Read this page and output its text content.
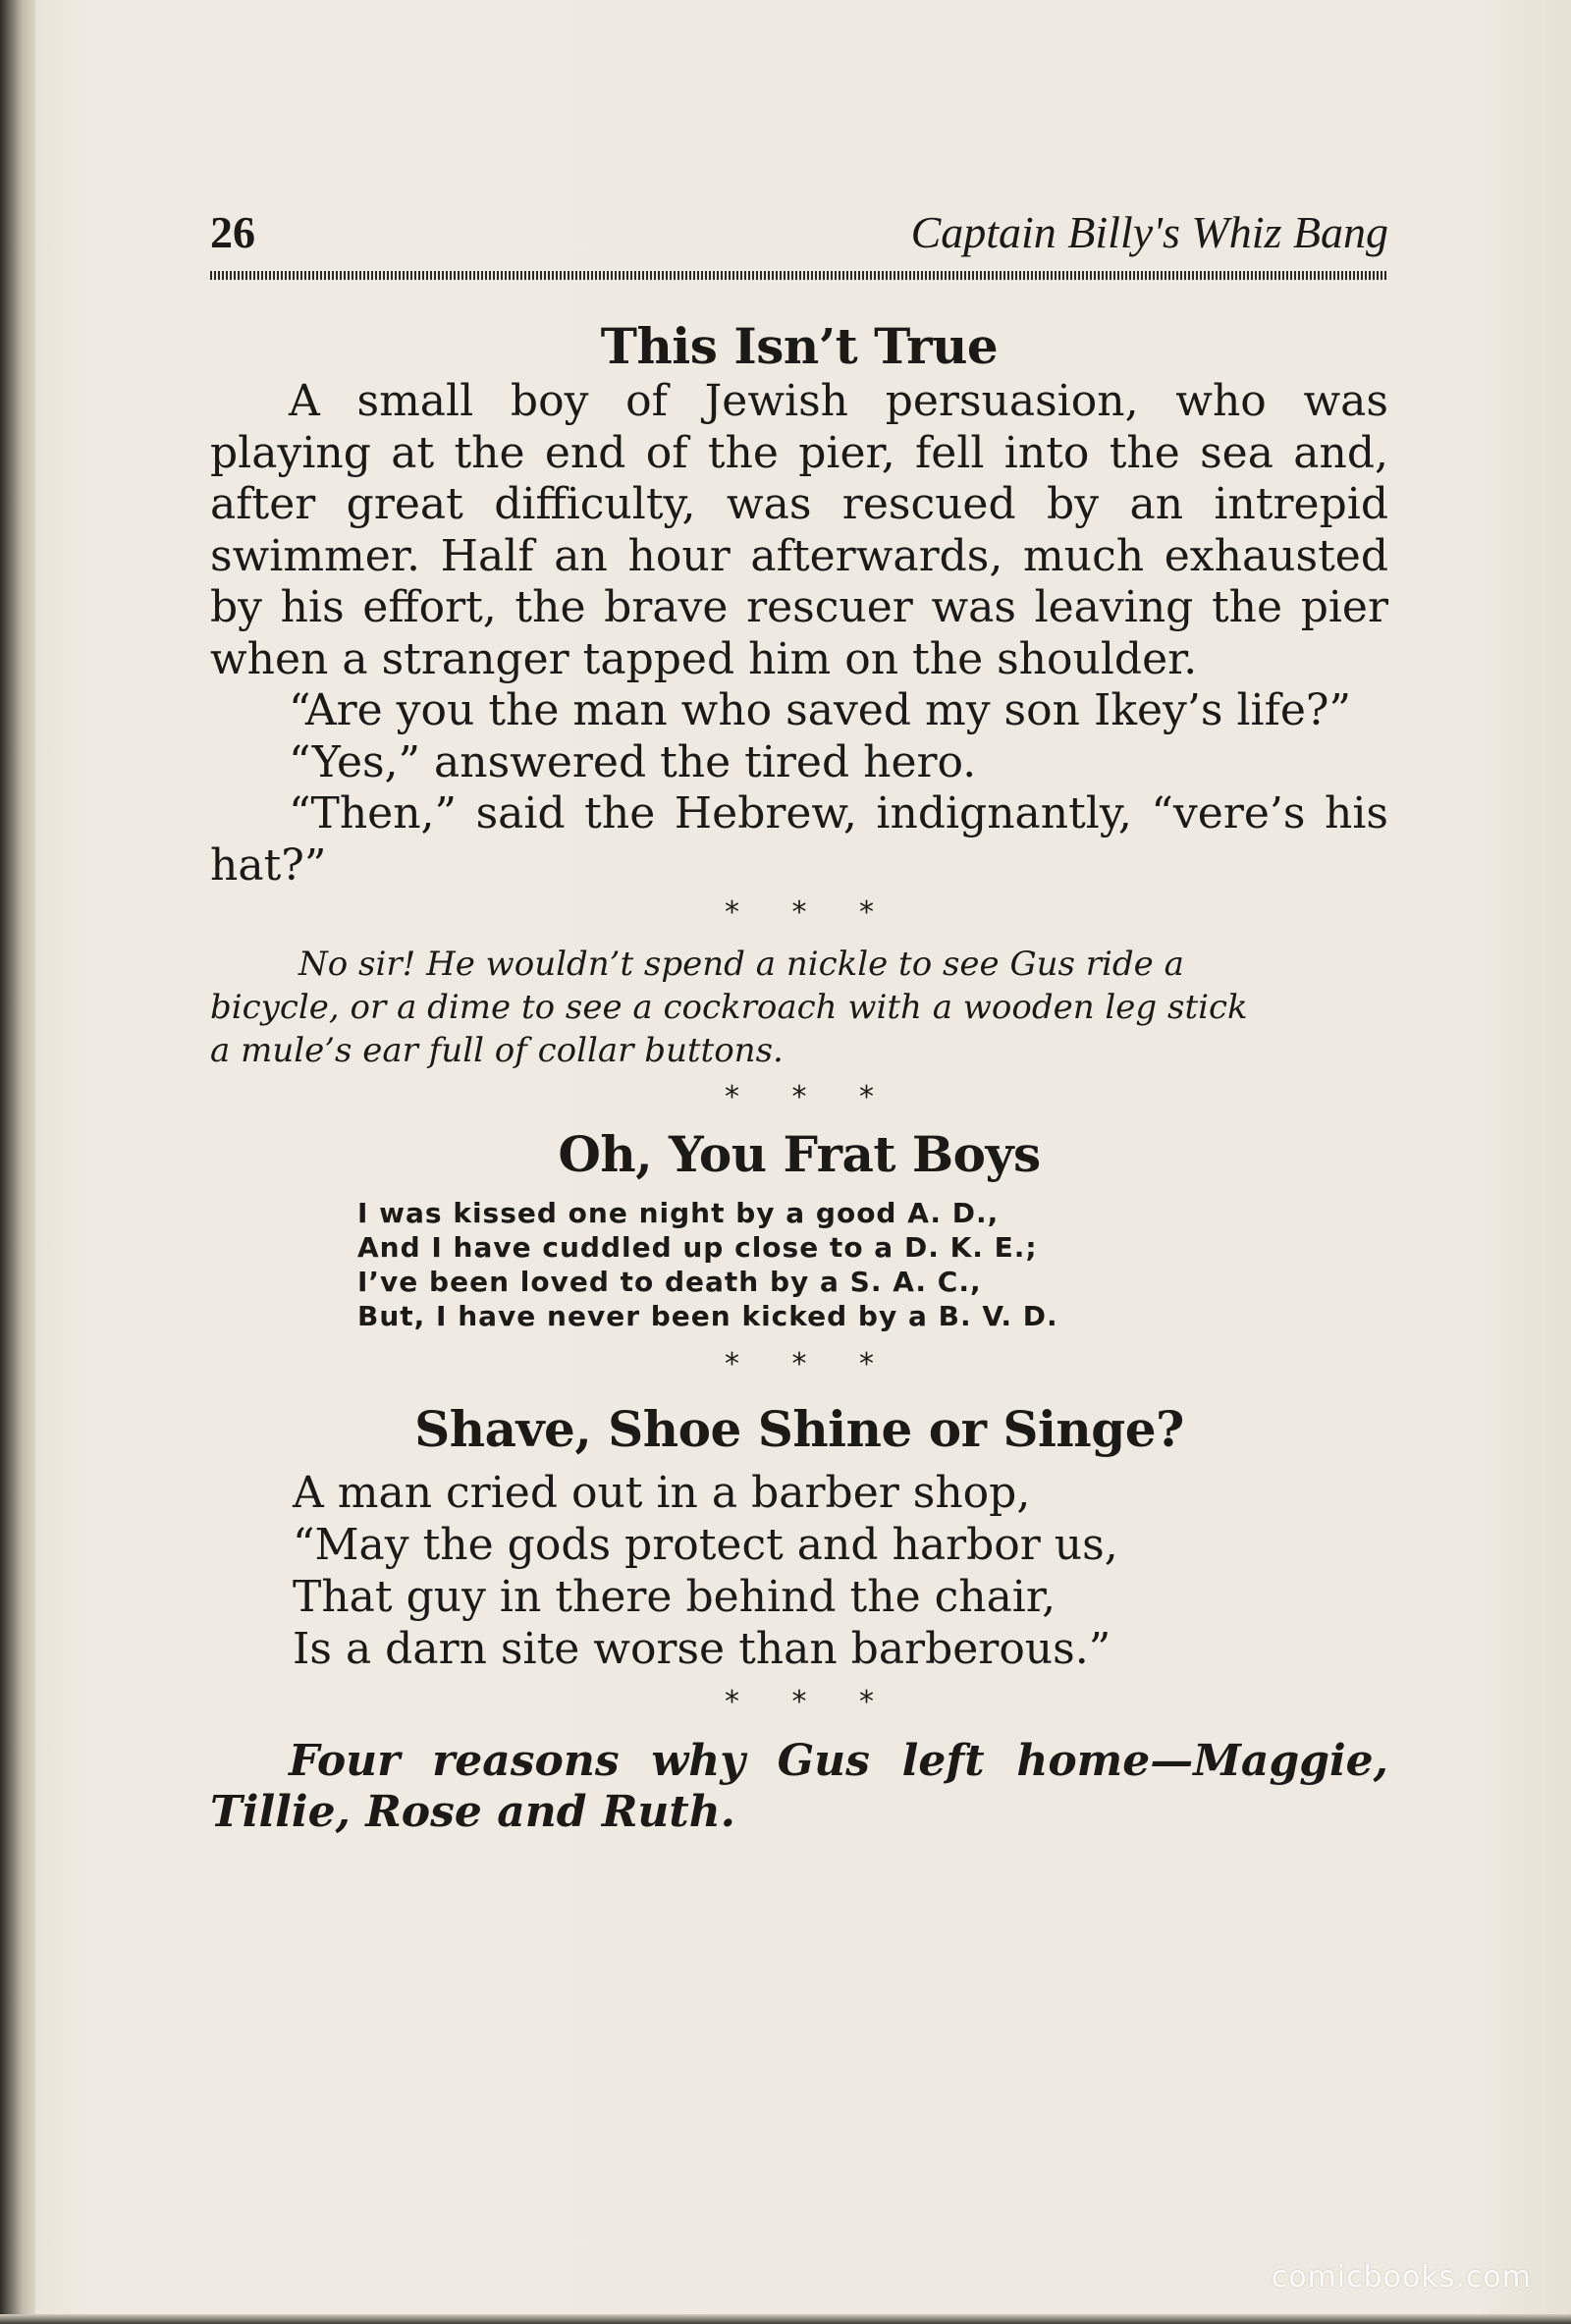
26	Captain Billy's Whiz Bang
This Isn’t True

A small boy of Jewish persuasion, who was playing at the end of the pier, fell into the sea and, after great difficulty, was rescued by an intrepid swimmer. Half an hour afterwards, much exhausted by his effort, the brave rescuer was leaving the pier when a stranger tapped him on the shoulder.

“Are you the man who saved my son Ikey’s life?”

“Yes,” answered the tired hero.

“Then,” said the Hebrew, indignantly, “vere’s his hat?”

* * *
No sir! He wouldn’t spend a nickle to see Gus ride a
bicycle, or a dime to see a cockroach with a wooden leg stick
a mule’s ear full of collar buttons.
* * *
Oh, You Frat Boys
I was kissed one night by a good A. D.,
And I have cuddled up close to a D. K. E.;
I’ve been loved to death by a S. A. C.,
But, I have never been kicked by a B. V. D.
* * *
Shave, Shoe Shine or Singe?
A man cried out in a barber shop,
“May the gods protect and harbor us,
That guy in there behind the chair,
Is a darn site worse than barberous.”
* * *

Four reasons why Gus left home—Maggie, Tillie, Rose and Ruth.

comicbooks.com
